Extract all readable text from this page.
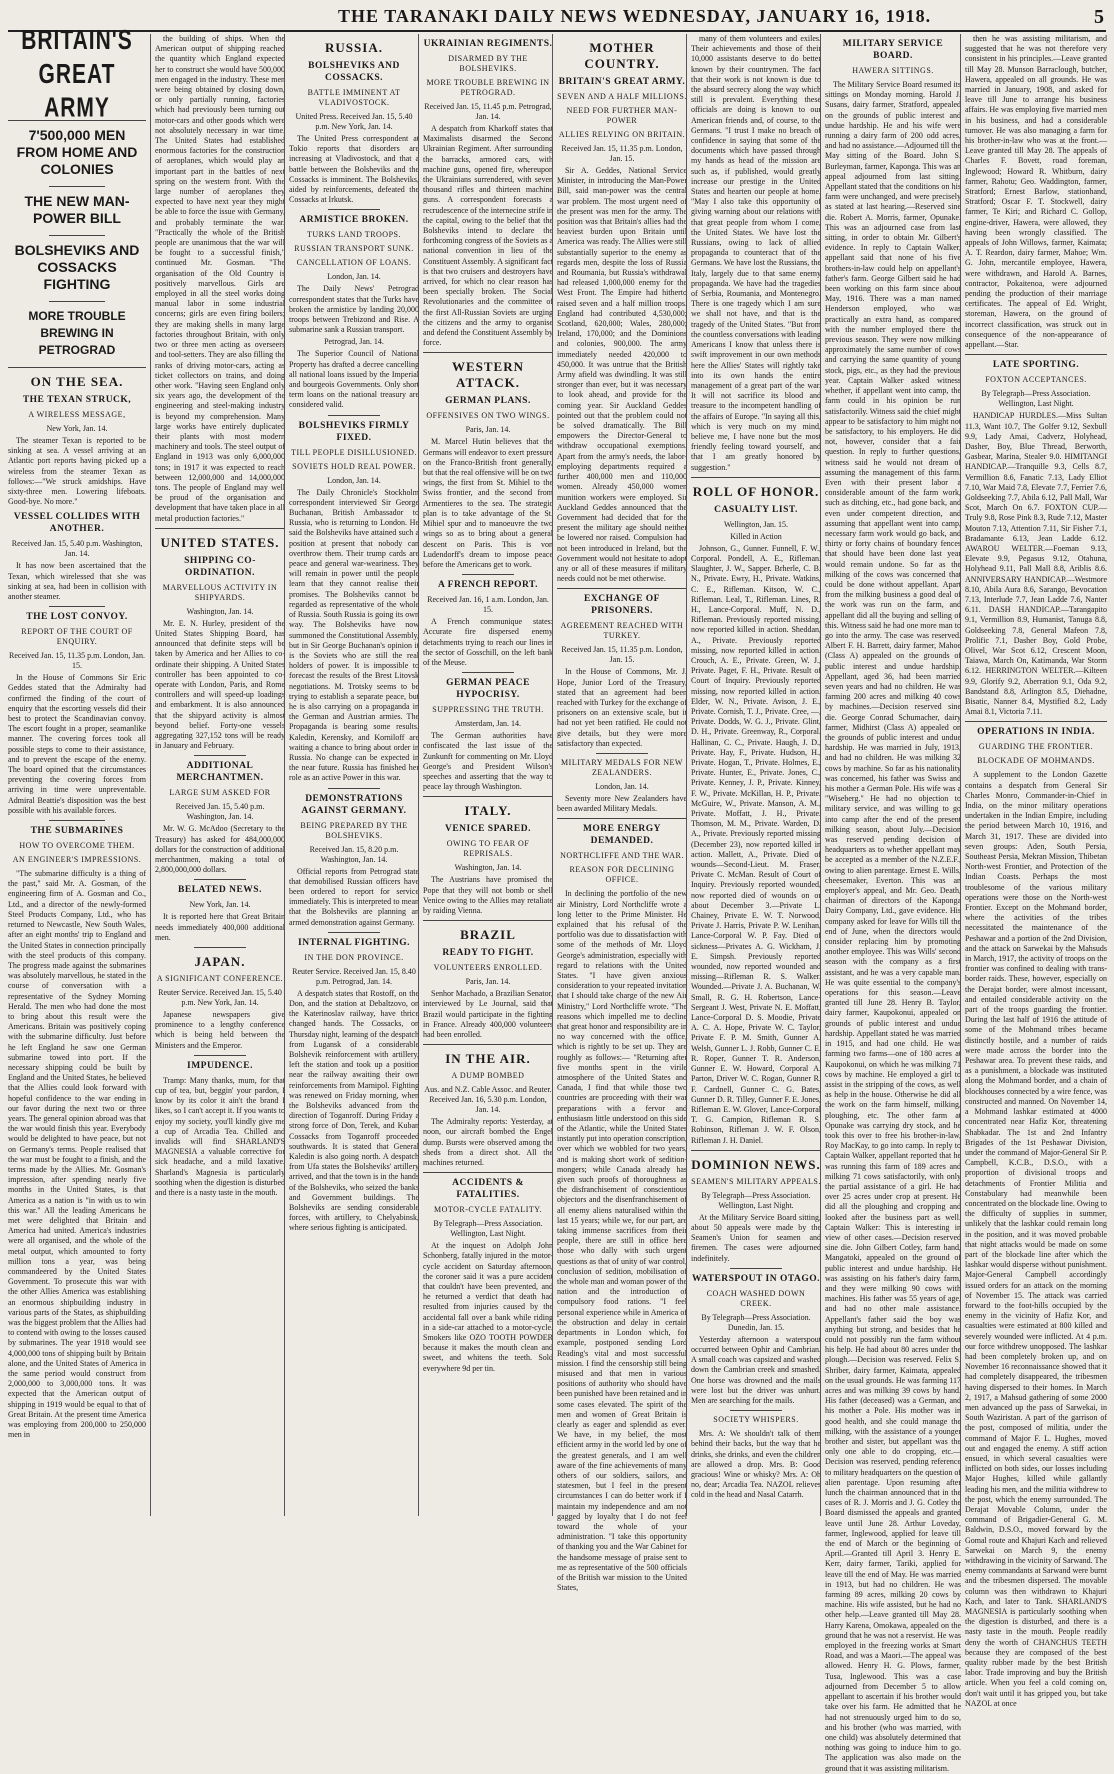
THE TARANAKI DAILY NEWS WEDNESDAY, JANUARY 16, 1918.	5
BRITAIN'S GREAT ARMY
7'500,000 MEN FROM HOME AND COLONIES
THE NEW MAN-POWER BILL
BOLSHEVIKS AND COSSACKS FIGHTING
MORE TROUBLE BREWING IN PETROGRAD
ON THE SEA.
THE TEXAN STRUCK,
A WIRELESS MESSAGE,
New York, Jan. 14.

The steamer Texan is reported to be sinking at sea. A vessel arriving at an Atlantic port reports having picked up a wireless from the steamer Texan as follows:—"We struck amidships. Have sixty-three men. Lowering lifeboats. Good-bye. No more."

VESSEL COLLIDES WITH ANOTHER.
Received Jan. 15, 5.40 p.m. Washington, Jan. 14.

It has now been ascertained that the Texan, which wirelessed that she was sinking at sea, had been in collision with another steamer.

THE LOST CONVOY.
REPORT OF THE COURT OF ENQUIRY.
Received Jan. 15, 11.35 p.m. London, Jan. 15.

In the House of Commons Sir Eric Geddes stated that the Admiralty had confirmed the finding of the court of enquiry that the escorting vessels did their best to protect the Scandinavian convoy. The escort fought in a proper, seamanlike manner. The covering forces took all possible steps to come to their assistance, and to prevent the escape of the enemy. The board opined that the circumstances preventing the covering forces from arriving in time were unpreventable. Admiral Beattie's disposition was the best possible with his available forces.

THE SUBMARINES
HOW TO OVERCOME THEM.
AN ENGINEER'S IMPRESSIONS.

"The submarine difficulty is a thing of the past," said Mr. A. Gosman, of the engineering firm of A. Gosman and Co., Ltd., and a director of the newly-formed Steel Products Company, Ltd., who has returned to Newcastle, New South Wales, after an eight months' trip to England and the United States in connection principally with the steel products of this company. The progress made against the submarines was absolutely marvellous, he stated in the course of conversation with a representative of the Sydney Morning Herald. The men who had done the most to bring about this result were the Americans. Britain was positively coping with the submarine difficulty. Just before he left England he saw one German submarine towed into port. If the necessary shipping could be built by England and the United States, he believed that the Allies could look forward with hopeful confidence to the war ending in our favor during the next two or three years. The general opinion abroad was that the war would finish this year. Everybody would be delighted to have peace, but not on Germany's terms. People realised that the war must be fought to a finish, and the terms made by the Allies. Mr. Gosman's impression, after spending nearly five months in the United States, is that America as a nation is "in with us to win this war." All the leading Americans he met were delighted that Britain and America had united. America's industries were all organised, and the whole of the metal output, which amounted to forty million tons a year, was being commandeered by the United States Government. To prosecute this war with the other Allies America was establishing an enormous shipbuilding industry in various parts of the States, as shipbuilding was the biggest problem that the Allies had to contend with owing to the losses caused by submarines. The year 1918 would see 4,000,000 tons of shipping built by Britain alone, and the United States of America in the same period would construct from 2,000,000 to 3,000,000 tons. It was expected that the American output of shipping in 1919 would be equal to that of Great Britain. At the present time America was employing from 200,000 to 250,000 men in

the building of ships. When the American output of shipping reached the quantity which England expected her to construct she would have 500,000 men engaged in the industry. These men were being obtained by closing down, or only partially running, factories which had previously been turning out motor-cars and other goods which were not absolutely necessary in war time. The United States had established enormous factories for the construction of aeroplanes, which would play an important part in the battles of next spring on the western front. With the large number of aeroplanes they expected to have next year they might be able to force the issue with Germany, and probably terminate the war. "Practically the whole of the British people are unanimous that the war will be fought to a successful finish," continued Mr. Gosman. "The organisation of the Old Country is positively marvellous. Girls are employed in all the steel works doing manual labor in some industrial concerns; girls are even firing boilers; they are making shells in many large factories throughout Britain, with only two or three men acting as overseers and tool-setters. They are also filling the ranks of driving motor-cars, acting as ticket collectors on trains, and doing other work. "Having seen England only six years ago, the development of the engineering and steel-making industry is beyond my comprehension. Many large works have entirely duplicated their plants with most modern machinery and tools. The steel output of England in 1913 was only 6,000,000 tons; in 1917 it was expected to reach between 12,000,000 and 14,000,000 tons. The people of England may well be proud of the organisation and development that have taken place in all metal production factories."

UNITED STATES.
SHIPPING CO-ORDINATION.
MARVELLOUS ACTIVITY IN SHIPYARDS.
Washington, Jan. 14.

Mr. E. N. Hurley, president of the United States Shipping Board, has announced that definite steps will be taken by America and her Allies to co-ordinate their shipping. A United States controller has been appointed to co-operate with London, Paris, and Rome controllers and will speed-up loadings and embarkment. It is also announced that the shipyard activity is almost beyond belief. Forty-one vessels aggregating 327,152 tons will be ready in January and February.

ADDITIONAL MERCHANTMEN.
LARGE SUM ASKED FOR
Received Jan. 15, 5.40 p.m. Washington, Jan. 14.

Mr. W. G. McAdoo (Secretary to the Treasury) has asked for 484,000,000 dollars for the construction of additional merchantmen, making a total of 2,800,000,000 dollars.

BELATED NEWS.
New York, Jan. 14.

It is reported here that Great Britain needs immediately 400,000 additional men.

JAPAN.
A SIGNIFICANT CONFERENCE.
Reuter Service. Received Jan. 15, 5.40 p.m. New York, Jan. 14.

Japanese newspapers give prominence to a lengthy conference which is being held between the Ministers and the Emperor.

IMPUDENCE.

Tramp: Many thanks, mum, for that cup of tea, but, beggin' your pardon, I know by its color it ain't the brand I likes, so I can't accept it. If you wants to enjoy my society, you'll kindly give me a cup of Arcadia Tea. Chilled and invalids will find SHARLAND'S MAGNESIA a valuable corrective for sick headache, and a mild laxative. Sharland's Magnesia is particularly soothing when the digestion is disturbed and there is a nasty taste in the mouth.

RUSSIA.
BOLSHEVIKS AND COSSACKS.
BATTLE IMMINENT AT VLADIVOSTOCK.
United Press. Received Jan. 15, 5.40 p.m. New York, Jan. 14.

The United Press correspondent at Tokio reports that disorders are increasing at Vladivostock, and that a battle between the Bolsheviks and the Cossacks is imminent. The Bolsheviks, aided by reinforcements, defeated the Cossacks at Irkutsk.

ARMISTICE BROKEN.
TURKS LAND TROOPS.
RUSSIAN TRANSPORT SUNK.
CANCELLATION OF LOANS.
London, Jan. 14.

The Daily News' Petrograd correspondent states that the Turks have broken the armistice by landing 20,000 troops between Trebizond and Rise. A submarine sank a Russian transport.

Petrograd, Jan. 14.

The Superior Council of National Property has drafted a decree cancelling all national loans issued by the Imperial and bourgeois Governments. Only short term loans on the national treasury are considered valid.

BOLSHEVIKS FIRMLY FIXED.
TILL PEOPLE DISILLUSIONED.
SOVIETS HOLD REAL POWER.
London, Jan. 14.

The Daily Chronicle's Stockholm correspondent interviewed Sir George Buchanan, British Ambassador to Russia, who is returning to London. He said the Bolsheviks have attained such a position at present that nobody can overthrow them. Their trump cards are peace and general war-weariness. They will remain in power until the people learn that they cannot realise their promises. The Bolsheviks cannot be regarded as representative of the whole of Russia. South Russia is going its own way. The Bolsheviks have now summoned the Constitutional Assembly, but in Sir George Buchanan's opinion it is the Soviets who are still the real holders of power. It is impossible to forecast the results of the Brest Litovsk negotiations. M. Trotsky seems to be trying to establish a separate peace, but he is also carrying on a propaganda in the German and Austrian armies. The Propaganda is bearing some results. Kaledin, Kerensky, and Korniloff are waiting a chance to bring about order in Russia. No change can be expected in the near future. Russia has finished her role as an active Power in this war.

DEMONSTRATIONS AGAINST GERMANY.
BEING PREPARED BY THE BOLSHEVIKS.
Received Jan. 15, 8.20 p.m. Washington, Jan. 14.

Official reports from Petrograd state that demobilised Russian officers have been ordered to report for service immediately. This is interpreted to mean that the Bolsheviks are planning an armed demonstration against Germany.

INTERNAL FIGHTING.
IN THE DON PROVINCE.
Reuter Service. Received Jan. 15, 8.40 p.m. Petrograd, Jan. 14.

A despatch states that Rostoff, on the Don, and the station at Debaltzovo, on the Katerinoslav railway, have thrice changed hands. The Cossacks, on Thursday night, learning of the despatch from Lugansk of a considerable Bolshevik reinforcement with artillery, left the station and took up a position near the railway awaiting their own reinforcements from Marnipol. Fighting was renewed on Friday morning, when the Bolsheviks advanced from the direction of Toganroff. During Friday a strong force of Don, Terek, and Kuban Cossacks from Toganroff proceeded southwards. It is stated that General Kaledin is also going north. A despatch from Ufa states the Bolsheviks' artillery arrived, and that the town is in the hands of the Bolsheviks, who seized the banks and Government buildings. The Bolsheviks are sending considerable forces, with artillery, to Chelyabinsk, where serious fighting is anticipated.

UKRAINIAN REGIMENTS.
DISARMED BY THE BOLSHEVIKS.
MORE TROUBLE BREWING IN PETROGRAD.
Received Jan. 15, 11.45 p.m. Petrograd, Jan. 14.

A despatch from Kharkoff states that Maximalists disarmed the Second Ukrainian Regiment. After surrounding the barracks, armored cars, with machine guns, opened fire, whereupon the Ukrainians surrendered, with seven thousand rifles and thirteen machine guns. A correspondent forecasts a recrudescence of the internecine strife in the capital, owing to the belief that the Bolsheviks intend to declare the forthcoming congress of the Soviets as a national convention in lieu of the Constituent Assembly. A significant fact is that two cruisers and destroyers have arrived, for which no clear reason has been specially broken. The Social Revolutionaries and the committee of the first All-Russian Soviets are urging the citizens and the army to organise and defend the Constituent Assembly by force.

WESTERN ATTACK.
GERMAN PLANS.
OFFENSIVES ON TWO WINGS.
Paris, Jan. 14.

M. Marcel Hutin believes that the Germans will endeavor to exert pressure on the Franco-British front generally, but that the real offensive will be on two wings, the first from St. Mihiel to the Swiss frontier, and the second from Armentieres to the sea. The strategic plan is to take advantage of the St. Mihiel spur and to manoeuvre the two wings so as to bring about a general descent on Paris. This is von Ludendorff's dream to impose peace before the Americans get to work.

A FRENCH REPORT.
Received Jan. 16, 1 a.m. London, Jan. 15.

A French communique states: Accurate fire dispersed enemy detachments trying to reach our lines in the sector of Gosschill, on the left bank of the Meuse.

GERMAN PEACE HYPOCRISY.
SUPPRESSING THE TRUTH.
Amsterdam, Jan. 14.

The German authorities have confiscated the last issue of the Zunkunft for commenting on Mr. Lloyd George's and President Wilson's speeches and asserting that the way to peace lay through Washington.

ITALY.
VENICE SPARED.
OWING TO FEAR OF REPRISALS.
Washington, Jan. 14.

The Austrians have promised the Pope that they will not bomb or shell Venice owing to the Allies may retaliate by raiding Vienna.

BRAZIL
READY TO FIGHT.
VOLUNTEERS ENROLLED.
Paris, Jan. 14.

Senhor Machado, a Brazilian Senator, interviewed by Le Journal, said that Brazil would participate in the fighting in France. Already 400,000 volunteers had been enrolled.

IN THE AIR.
A DUMP BOMBED
Aus. and N.Z. Cable Assoc. and Reuter. Received Jan. 16, 5.30 p.m. London, Jan. 14.

The Admiralty reports: Yesterday, at noon, our aircraft bombed the Engel dump. Bursts were observed among the sheds from a direct shot. All the machines returned.

ACCIDENTS & FATALITIES.
MOTOR-CYCLE FATALITY.
By Telegraph—Press Association. Wellington, Last Night.

At the inquest on Adolph John Schonberg, fatally injured in the motor-cycle accident on Saturday afternoon, the coroner said it was a pure accident that couldn't have been prevented, and he returned a verdict that death had resulted from injuries caused by the accidental fall over a bank while riding in a side-car attached to a motor-cycle. Smokers like OZO TOOTH POWDER because it makes the mouth clean and sweet, and whitens the teeth. Sold everywhere 9d per tin.

MOTHER COUNTRY.
BRITAIN'S GREAT ARMY.
SEVEN AND A HALF MILLIONS.
NEED FOR FURTHER MAN-POWER
ALLIES RELYING ON BRITAIN.
Received Jan. 15, 11.35 p.m. London, Jan. 15.

Sir A. Geddes, National Service Minister, in introducing the Man-Power Bill, said man-power was the central war problem. The most urgent need of the present was men for the army. The position was that Britain's allies had the heaviest burden upon Britain until America was ready. The Allies were still substantially superior to the enemy as regards men, despite the loss of Russia and Roumania, but Russia's withdrawal had released 1,000,000 enemy for the West Front. The Empire had hitherto raised seven and a half million troops. England had contributed 4,530,000; Scotland, 620,000; Wales, 280,000; Ireland, 170,000; and the Dominions and colonies, 900,000. The army immediately needed 420,000 to 450,000. It was untrue that the British Army afield was dwindling. It was still stronger than ever, but it was necessary to look ahead, and provide for the coming year. Sir Auckland Geddes pointed out that the problem could not be solved dramatically. The Bill empowers the Director-General to withdraw occupational exemptions. Apart from the army's needs, the labor-employing departments required a further 400,000 men and 110,000 women. Already 450,000 women munition workers were employed. Sir Auckland Geddes announced that the Government had decided that for the present the military age should neither be lowered nor raised. Compulsion had not been introduced in Ireland, but the Government would not hesitate to adopt any or all of these measures if military needs could not be met otherwise.

EXCHANGE OF PRISONERS.
AGREEMENT REACHED WITH TURKEY.
Received Jan. 15, 11.35 p.m. London, Jan. 15.

In the House of Commons, Mr. J. Hope, Junior Lord of the Treasury, stated that an agreement had been reached with Turkey for the exchange of prisoners on an extensive scale, but it had not yet been ratified. He could not give details, but they were more satisfactory than expected.

MILITARY MEDALS FOR NEW ZEALANDERS.
London, Jan. 14.

Seventy more New Zealanders have been awarded Military Medals.

MORE ENERGY DEMANDED.
NORTHCLIFFE AND THE WAR.
REASON FOR DECLINING OFFICE.

In declining the portfolio of the new air Ministry, Lord Northcliffe wrote a long letter to the Prime Minister. He explained that his refusal of the portfolio was due to dissatisfaction with some of the methods of Mr. Lloyd George's administration, especially with regard to relations with the United States. "I have given anxious consideration to your repeated invitation that I should take charge of the new Air Ministry," Lord Northcliffe wrote. "The reasons which impelled me to decline that great honor and responsibility are in no way concerned with the office, which is rightly to be set up. They are roughly as follows:— "Returning after five months spent in the virile atmosphere of the United States and Canada, I find that while those two countries are proceeding with their war preparations with a fervor and enthusiasm little understood on this side of the Atlantic, while the United States instantly put into operation conscription, over which we wobbled for two years, and is making short work of sedition-mongers; while Canada already has given such proofs of thoroughness as the disfranchisement of conscientious objectors and the disenfranchisement of all enemy aliens naturalised within the last 15 years; while we, for our part, are taking immense sacrifices from their people, there are still in office here those who dally with such urgent questions as that of unity of war control, conclusion of sedition, mobilisation of the whole man and woman power of the nation and the introduction of compulsory food rations. "I feel personal experience while in America of the obstruction and delay in certain departments in London which, for example, postponed sending Lord Reading's vital and most successful mission. I find the censorship still being misused and that men in various positions of authority who should have been punished have been retained and in some cases elevated. The spirit of the men and women of Great Britain is clearly as eager and splendid as ever. We have, in my belief, the most efficient army in the world led by one of the greatest generals, and I am well aware of the fine achievements of many others of our soldiers, sailors, and statesmen, but I feel in the present circumstances I can do better work if I maintain my independence and am not gagged by loyalty that I do not feel toward the whole of your administration. "I take this opportunity of thanking you and the War Cabinet for the handsome message of praise sent to me as representative of the 500 officials of the British war mission to the United States,

many of them volunteers and exiles. Their achievements and those of their 10,000 assistants deserve to do better known by their countrymen. The fact that their work is not known is due to the absurd secrecy along the way which still is prevalent. Everything these officials are doing is known to our American friends and, of course, to the Germans. "I trust I make no breach of confidence in saying that some of the documents which have passed through my hands as head of the mission are such as, if published, would greatly increase our prestige in the United States and hearten our people at home. "May I also take this opportunity of giving warning about our relations with that great people from whom I come, the United States. We have lost the Russians, owing to lack of allied propaganda to counteract that of the Germans. We have lost the Russians, the Italy, largely due to that same enemy propaganda. We have had the tragedies of Serbia, Roumania, and Montenegro. There is one tragedy which I am sure we shall not have, and that is the tragedy of the United States. "But from the countless conversations with leading Americans I know that unless there is swift improvement in our own methods here the Allies' States will rightly take into its own hands the entire management of a great part of the war. It will not sacrifice its blood and treasure to the incompetent handling of the affairs of Europe. "In saying all this, which is very much on my mind, believe me, I have none but the most friendly feeling toward yourself, and that I am greatly honored by suggestion."

ROLL OF HONOR.
CASUALTY LIST.
Wellington, Jan. 15.
Killed in Action

Johnson, G., Gunner. Funnell, F. W., Corporal. Pondell, A. E., Rifleman. Slaughter, J. W., Sapper. Brherle, C. B. N., Private. Ewry, H., Private. Watkins, C. E., Rifleman. Kitson, W. C., Rifleman. Leal, T., Rifleman. Lines, R. H., Lance-Corporal. Muff, N. D., Rifleman. Previously reported missing, now reported killed in action. Sheddan, A., Private. Previously reported missing, now reported killed in action. Crouch, A. E., Private. Green, W. J., Private. Paget, F. H., Private. Result of Court of Inquiry. Previously reported missing, now reported killed in action. Elder, W. N., Private. Avison, J. E., Private. Cornish, T. J., Private. Cree, —, Private. Dodds, W. G. J., Private. Glint, D. H., Private. Greenway, R., Corporal. Hallinan, C. C., Private. Haugh, J. D., Private. Hay, F., Private. Hudson, H., Private. Hogan, T., Private. Holmes, E., Private. Hunter, E., Private. Jones, C., Private. Kenney, J. P., Private. Kinney, F. W., Private. McKillan, H. P., Private. McGuire, W., Private. Manson, A. M., Private. Moffatt, J. H., Private. Thomson, M. M., Private. Warden, D. A., Private. Previously reported missing (December 23), now reported killed in action. Mallett, A., Private. Died of wounds—Second-Lieut. M. Fraser, Private C. McMan. Result of Court of Inquiry. Previously reported wounded, now reported died of wounds on or about December 3.—Private L. Chainey, Private E. W. T. Norwood, Private J. Harris, Private P. W. Lenihan, Lance-Corporal W. P. Fay. Died of sickness—Privates A. G. Wickham, J. E. Simpsh. Previously reported wounded, now reported wounded and missing—Rifleman R. S. Walker. Wounded.—Private J. A. Buchanan, W. Small, R. G. H. Robertson, Lance-Sergeant J. West, Private N. E. Moffatt, Lance-Corporal D. S. Moodie, Private A. C. A. Hope, Private W. C. Taylor, Private F. P. M. Smith, Gunner A. Welsh, Gunner L. J. Robb, Gunner C. E. R. Roper, Gunner T. R. Anderson, Gunner E. W. Howard, Corporal A. Parton, Driver W. C. Rogan, Gunner R. F. Cardnell, Gunner C. G. Bates, Gunner D. R. Tilley, Gunner F. E. Jones, Rifleman E. W. Glover, Lance-Corporal T. G. Campion, Rifleman R. S. Robinson, Rifleman J. W. F. Olson, Rifleman J. H. Daniel.

DOMINION NEWS.
SEAMEN'S MILITARY APPEALS.
By Telegraph—Press Association. Wellington, Last Night.

At the Military Service Board sitting, about 50 appeals were made by the Seamen's Union for seamen and firemen. The cases were adjourned indefinitely.

WATERSPOUT IN OTAGO.
COACH WASHED DOWN CREEK.
By Telegraph—Press Association. Dunedin, Jan. 15.

Yesterday afternoon a waterspout occurred between Ophir and Cambrian. A small coach was capsized and washed down the Cambrian creek and smashed. One horse was drowned and the mails were lost but the driver was unhurt. Men are searching for the mails.

SOCIETY WHISPERS.

Mrs. A: We shouldn't talk of them behind their backs, but the way that he drinks, she drinks, and even the children are allowed a drop. Mrs. B: Good gracious! Wine or whisky? Mrs. A: Oh no, dear; Arcadia Tea. NAZOL relieves cold in the head and Nasal Catarrh.

MILITARY SERVICE BOARD.
HAWERA SITTINGS.

The Military Service Board resumed its sittings on Monday morning. Harold J. Susans, dairy farmer, Stratford, appealed on the grounds of public interest and undue hardship. He and his wife were running a dairy farm of 200 odd acres, and had no assistance.—Adjourned till the May sitting of the Board. John S. Burleyman, farmer, Kaponga. This was an appeal adjourned from last sitting. Appellant stated that the conditions on his farm were unchanged, and were precisely as stated at last hearing.—Reserved sine die. Robert A. Morris, farmer, Opunake. This was an adjourned case from last sitting, in order to obtain Mr. Gilbert's evidence. In reply to Captain Walker, appellant said that none of his five brothers-in-law could help on appellant's father's farm. George Gilbert said he had been working on this farm since about May, 1916. There was a man named Henderson employed, who was practically an extra hand, as compared with the number employed there the previous season. They were now milking approximately the same number of cows and carrying the same quantity of young stock, pigs, etc., as they had the previous year. Captain Walker asked witness whether, if appellant went into camp, the farm could in his opinion be run satisfactorily. Witness said the chief might appear to be satisfactory to him might not be satisfactory, to his employers. He did not, however, consider that a fair question. In reply to further questions, witness said he would not dream of assuming the management of this farm. Even with their present labor a considerable amount of the farm work, such as ditching, etc., had gone back, and even under competent direction, and assuming that appellant went into camp, necessary farm work would go back, and thirty or forty chains of boundary fences that should have been done last year would remain undone. So far as the milking of the cows was concerned that could be done without appellant. Apart from the milking business a good deal of the work was run on the farm, and appellant did all the buying and selling of this. Witness said he had one more man to go into the army. The case was reserved. Albert F. H. Barrett, dairy farmer, Mahoe (Class A) appealed on the grounds of public interest and undue hardship. Appellant, aged 36, had been married seven years and had no children. He was farming 200 acres and milking 40 cows by machines.—Decision reserved sine die. George Conrad Schumacher, dairy farmer, Midhirst (Class A) appealed on the grounds of public interest and undue hardship. He was married in July, 1913, and had no children. He was milking 32 cows by machine. So far as his nationality was concerned, his father was Swiss and his mother a German Pole. His wife was a "Wiseberg." He had no objection to military service, and was willing to go into camp after the end of the present milking season, about July.—Decision was reserved pending decision of headquarters as to whether appellant may be accepted as a member of the N.Z.E.F., owing to alien parentage. Ernest E. Wills, cheesemaker, Everton. This was an employer's appeal, and Mr. Geo. Death, chairman of directors of the Kaponga Dairy Company, Ltd., gave evidence. His company asked for leave for Wills till the end of June, when the directors would consider replacing him by promoting another employee. This was Wills' second season with the company as a first assistant, and he was a very capable man. He was quite essential to the company's operations for this season.—Leave granted till June 28. Henry B. Taylor, dairy farmer, Kaupokonui, appealed on grounds of public interest and undue hardship. Appellant stated he was married in 1915, and had one child. He was farming two farms—one of 180 acres at Kaupokonui, on which he was milking 71 cows by machine. He employed a girl to assist in the stripping of the cows, as well as help in the house. Otherwise he did all the work on the farm himself, milking, ploughing, etc. The other farm at Opunake was carrying dry stock, and he took this over to free his brother-in-law, Roy MacKay, to go into camp. In reply to Captain Walker, appellant reported that he was running this farm of 189 acres and milking 71 cows satisfactorily, with only the partial assistance of a girl. He had over 25 acres under crop at present. He did all the ploughing and cropping and looked after the business part as well. Captain Walker: This is interesting in view of other cases.—Decision reserved sine die. John Gilbert Cotley, farm hand, Mangatoki, appealed on the ground of public interest and undue hardship. He was assisting on his father's dairy farm, and they were milking 90 cows with machines. His father was 55 years of age, and had no other male assistance. Appellant's father said the boy was anything but strong, and besides that he could not possibly run the farm without his help. He had about 80 acres under the plough.—Decision was reserved. Felix S. Shriber, dairy farmer, Kaimata, appealed on the usual grounds. He was farming 117 acres and was milking 39 cows by hand. His father (deceased) was a German, and his mother a Pole. His mother was in good health, and she could manage the milking, with the assistance of a younger brother and sister, but appellant was the only one able to do cropping, etc.—Decision was reserved, pending reference to military headquarters on the question of alien parentage. Upon resuming after lunch the chairman announced that in the cases of R. J. Morris and J. G. Cotley the Board dismissed the appeals and granted leave until June 28. Arthur Loveday, farmer, Inglewood, applied for leave till the end of March or the beginning of April.—Granted till April 3. Henry E. Kerr, dairy farmer, Tariki, applied for leave till the end of May. He was married in 1913, but had no children. He was farming 89 acres, milking 20 cows by machine. His wife assisted, but he had no other help.—Leave granted till May 28. Harry Karena, Omokawa, appealed on the ground that he was not a reservist. He was employed in the freezing works at Smart Road, and was a Maori.—The appeal was allowed. Henry H. G. Plows, farmer, Tusa, Inglewood. This was a case adjourned from December 5 to allow appellant to ascertain if his brother would take over his farm. He admitted that he had not strenuously urged him to do so, and his brother (who was married, with one child) was absolutely determined that nothing was going to induce him to go. The application was also made on the ground that it was assisting militarism.

then he was assisting militarism, and suggested that he was not therefore very consistent in his principles.—Leave granted till May 28. Munson Barraclough, butcher, Hawera, appealed on all grounds. He was married in January, 1908, and asked for leave till June to arrange his business affairs. He was employing five married men in his business, and had a considerable turnover. He was also managing a farm for his brother-in-law who was at the front.—Leave granted till May 28. The appeals of Charles F. Bovett, road foreman, Inglewood; Howard R. Whitburn, dairy farmer, Rahotu; Geo. Waddington, farmer, Stratford; Ernest Barlow, stationhand, Stratford; Oscar F. T. Stockwell, dairy farmer, Te Kiri; and Richard C. Gollop, engine-driver, Hawera, were allowed, they having been wrongly classified. The appeals of John Willows, farmer, Kaimata; A. T. Reardon, dairy farmer, Mahoe; Wm. G. John, mercantile employee, Hawera, were withdrawn, and Harold A. Barnes, contractor, Pokaitenoa, were adjourned pending the production of their marriage certificates. The appeal of Ed. Wright, storeman, Hawera, on the ground of incorrect classification, was struck out in consequence of the non-appearance of appellant.—Star.

LATE SPORTING.
FOXTON ACCEPTANCES.
By Telegraph—Press Association. Wellington, Last Night.

HANDICAP HURDLES.—Miss Sultan 11.3, Want 10.7, The Golfer 9.12, Sexbull 9.9, Lady Amai, Cadverz, Holyhead, Dasher, Boy, Blue Thread, Berworth, Gasbear, Marina, Stealer 9.0. HIMITANGI HANDICAP.—Tranquille 9.3, Cells 8.7, Vermillion 8.6, Fanatic 7.13, Lady Elliot 7.10, War Maid 7.8, Elevate 7.7, Ferrier 7.6, Goldseeking 7.7, Abila 6.12, Pall Mall, War Scot, March On 6.7. FOXTON CUP.—Truly 9.8, Rose Pink 8.3, Rude 7.12, Master Mouton 7.13, Attention 7.11, Sir Fisher 7.1, Bradamante 6.13, Jean Ladde 6.12. AWAROU WELTER.—Foeman 9.13, Elevate 9.9, Pegasus 9.12, Otahuna, Holyhead 9.11, Pall Mall 8.8, Ariblis 8.6. ANNIVERSARY HANDICAP.—Westmore 8.10, Abila Aura 8.6, Sarango, Bevocation 7.13, Interlude 7.7, Jean Ladde 7.6, Nanter 6.11. DASH HANDICAP.—Tarangapito 9.1, Vermillion 8.9, Humanist, Tanuga 8.8, Goldseeking 7.8, General Mafeon 7.8, Prolific 7.1, Dasher Boy, Gold Probe, Olivel, War Scot 6.12, Crescent Moon, Taiawa, March On, Katimanda, War Storm 6.12. HERRINGTON WELTER.—Kilteen 9.9, Glorify 9.2, Aberration 9.1, Oda 9.2, Bandstand 8.8, Arlington 8.5, Diehadne, Bisatic, Nanner 8.4, Mystified 8.2, Lady Amai 8.1, Victoria 7.11.

OPERATIONS IN INDIA.
GUARDING THE FRONTIER.
BLOCKADE OF MOHMANDS.

A supplement to the London Gazette contains a despatch from General Sir Charles Monro, Commander-in-Chief in India, on the minor military operations undertaken in the Indian Empire, including the period between March 10, 1916, and March 31, 1917. These are divided into seven groups: Aden, South Persia, Southeast Persia, Mekran Mission, Thibetan North-west Frontier, and Protection of the Indian Coasts. Perhaps the most troublesome of the various military operations were those on the North-west Frontier. Except on the Mohmand border, where the activities of the tribes necessitated the maintenance of the Peshawar and a portion of the 2nd Division, and the attack on Sarwekai by the Mahsuds in March, 1917, the activity of troops on the frontier was confined to dealing with trans-border raids. These, however, especially on the Derajat border, were almost incessant, and entailed considerable activity on the part of the troops guarding the frontier. During the last half of 1916 the attitude of some of the Mohmand tribes became distinctly hostile, and a number of raids were made across the border into the Peshawar area. To prevent these raids, and as a punishment, a blockade was instituted along the Mohmand border, and a chain of blockhouses connected by a wire fence, was constructed and manned. On November 14, a Mohmand lashkar estimated at 4000 concentrated near Hafiz Kor, threatening Shabkadar. The 1st and 2nd Infantry Brigades of the 1st Peshawar Division, under the command of Major-General Sir P. Campbell, K.C.B., D.S.O., with a proportion of divisional troops and detachments of Frontier Militia and Constabulary had meanwhile been concentrated on the blockade line. Owing to the difficulty of supplies in summer, unlikely that the lashkar could remain long in the position, and it was moved probable that night attacks would be made on some part of the blockade line after which the lashkar would disperse without punishment. Major-General Campbell accordingly issued orders for an attack on the morning of November 15. The attack was carried forward to the foot-hills occupied by the enemy in the vicinity of Hafiz Kor, and casualties were estimated at 800 killed and severely wounded were inflicted. At 4 p.m. our force withdrew unopposed. The lashkar had been completely broken up, and on November 16 reconnaissance showed that it had completely disappeared, the tribesmen having dispersed to their homes. In March 2, 1917, a Mahsud gathering of some 2000 men advanced up the pass of Sarwekai, in South Waziristan. A part of the garrison of the post, composed of militia, under the command of Major F. L. Hughes, moved out and engaged the enemy. A stiff action ensued, in which several casualties were inflicted on both sides, our losses including Major Hughes, killed while gallantly leading his men, and the militia withdrew to the post, which the enemy surrounded. The Derajat Movable Column, under the command of Brigadier-General G. M. Baldwin, D.S.O., moved forward by the Gomal route and Khajuri Kach and relieved Sarwekai on March 9, the enemy withdrawing in the vicinity of Sarwand. The enemy commandants at Sarwand were burnt and the tribesmen dispersed. The movable column was then withdrawn to Khajuri Kach, and later to Tank. SHARLAND'S MAGNESIA is particularly soothing when the digestion is disturbed, and there is a nasty taste in the mouth. People readily deny the worth of CHANCHUS TEETH because they are composed of the best quality rubber made by the best British labor. Trade improving and buy the British article. When you feel a cold coming on, don't wait until it has gripped you, but take NAZOL at once
